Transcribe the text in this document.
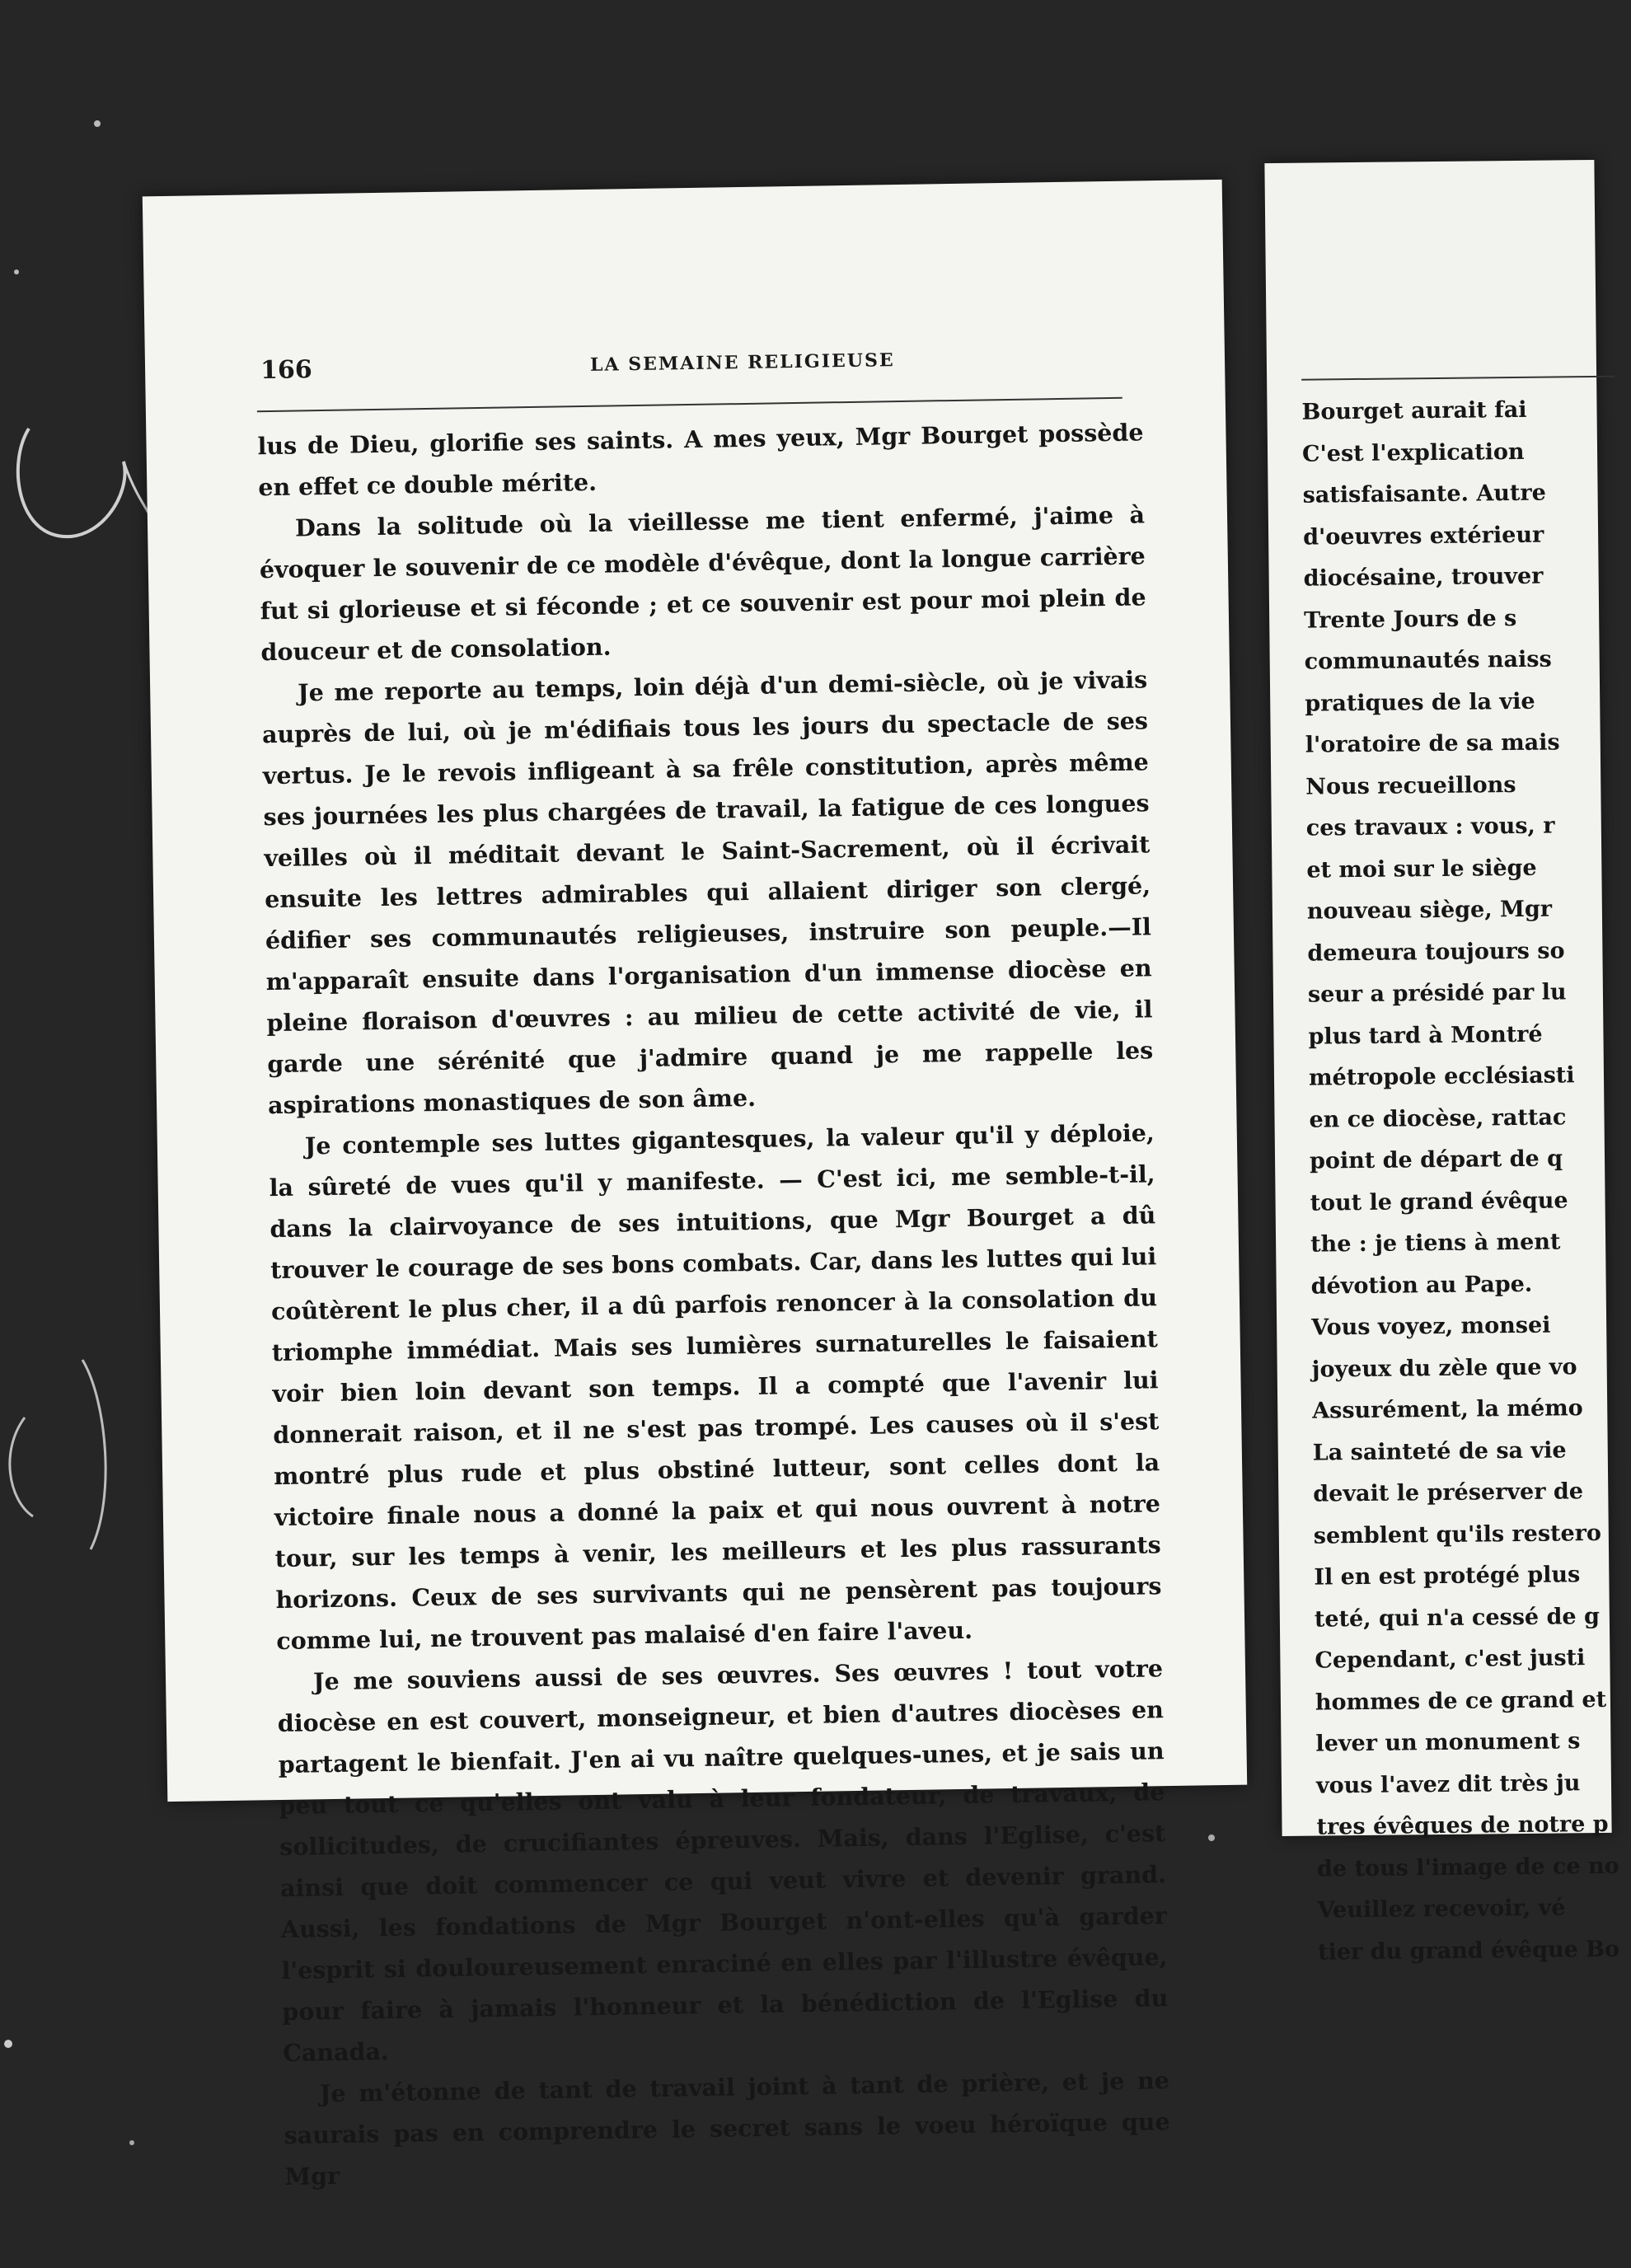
166	LA SEMAINE RELIGIEUSE

lus de Dieu, glorifie ses saints. A mes yeux, Mgr Bourget possède en effet ce double mérite.

Dans la solitude où la vieillesse me tient enfermé, j'aime à évoquer le souvenir de ce modèle d'évêque, dont la longue carrière fut si glorieuse et si féconde ; et ce souvenir est pour moi plein de douceur et de consolation.

Je me reporte au temps, loin déjà d'un demi-siècle, où je vivais auprès de lui, où je m'édifiais tous les jours du spectacle de ses vertus. Je le revois infligeant à sa frêle constitution, après même ses journées les plus chargées de travail, la fatigue de ces longues veilles où il méditait devant le Saint-Sacrement, où il écrivait ensuite les lettres admirables qui allaient diriger son clergé, édifier ses communautés religieuses, instruire son peuple.—Il m'apparaît ensuite dans l'organisation d'un immense diocèse en pleine floraison d'œuvres : au milieu de cette activité de vie, il garde une sérénité que j'admire quand je me rappelle les aspirations monastiques de son âme.

Je contemple ses luttes gigantesques, la valeur qu'il y déploie, la sûreté de vues qu'il y manifeste. — C'est ici, me semble-t-il, dans la clairvoyance de ses intuitions, que Mgr Bourget a dû trouver le courage de ses bons combats. Car, dans les luttes qui lui coûtèrent le plus cher, il a dû parfois renoncer à la consolation du triomphe immédiat. Mais ses lumières surnaturelles le faisaient voir bien loin devant son temps. Il a compté que l'avenir lui donnerait raison, et il ne s'est pas trompé. Les causes où il s'est montré plus rude et plus obstiné lutteur, sont celles dont la victoire finale nous a donné la paix et qui nous ouvrent à notre tour, sur les temps à venir, les meilleurs et les plus rassurants horizons. Ceux de ses survivants qui ne pensèrent pas toujours comme lui, ne trouvent pas malaisé d'en faire l'aveu.

Je me souviens aussi de ses œuvres. Ses œuvres ! tout votre diocèse en est couvert, monseigneur, et bien d'autres diocèses en partagent le bienfait. J'en ai vu naître quelques-unes, et je sais un peu tout ce qu'elles ont valu à leur fondateur, de travaux, de sollicitudes, de crucifiantes épreuves. Mais, dans l'Eglise, c'est ainsi que doit commencer ce qui veut vivre et devenir grand. Aussi, les fondations de Mgr Bourget n'ont-elles qu'à garder l'esprit si douloureusement enraciné en elles par l'illustre évêque, pour faire à jamais l'honneur et la bénédiction de l'Eglise du Canada.

Je m'étonne de tant de travail joint à tant de prière, et je ne saurais pas en comprendre le secret sans le voeu héroïque que Mgr

Bourget aurait fai
C'est l'explication
satisfaisante. Autre
d'oeuvres extérieur
diocésaine, trouver
Trente Jours de s
communautés naiss
pratiques de la vie
l'oratoire de sa mais
Nous recueillons
ces travaux : vous, r
et moi sur le siège
nouveau siège, Mgr
demeura toujours so
seur a présidé par lu
plus tard à Montré
métropole ecclésiasti
en ce diocèse, rattac
point de départ de q
tout le grand évêque
the : je tiens à ment
dévotion au Pape.
Vous voyez, monsei
joyeux du zèle que vo
Assurément, la mémo
La sainteté de sa vie
devait le préserver de
semblent qu'ils restero
Il en est protégé plus
teté, qui n'a cessé de g
Cependant, c'est justi
hommes de ce grand et
lever un monument s
vous l'avez dit très ju
tres évêques de notre p
de tous l'image de ce no
Veuillez recevoir, vé
tier du grand évêque Bo
